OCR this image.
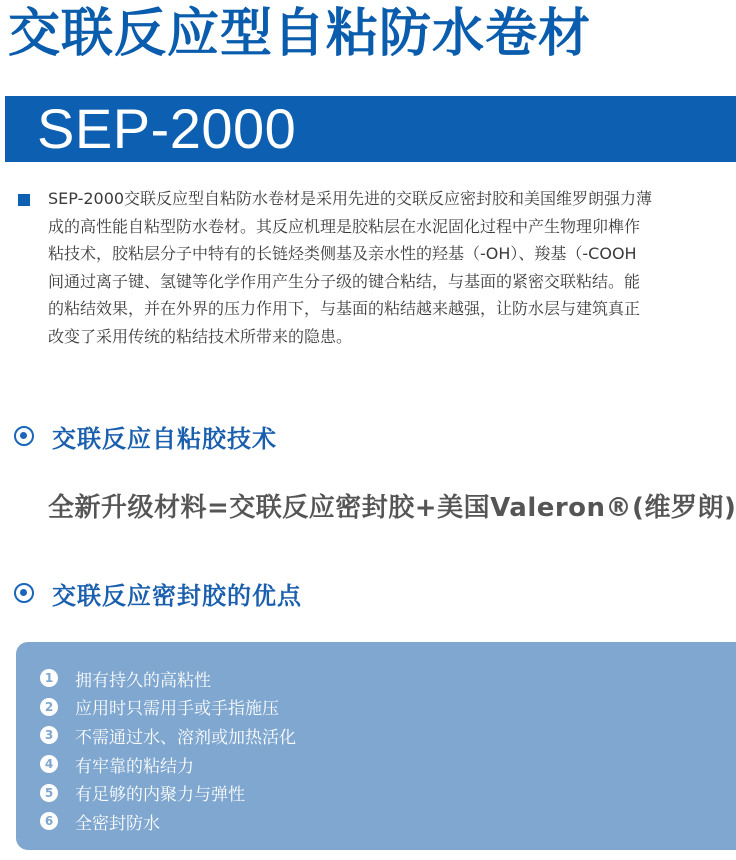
交联反应型自粘防水卷材
SEP-2000
SEP-2000交联反应型自粘防水卷材是采用先进的交联反应密封胶和美国维罗朗强力薄
成的高性能自粘型防水卷材。其反应机理是胶粘层在水泥固化过程中产生物理卯榫作
粘技术，胶粘层分子中特有的长链烃类侧基及亲水性的羟基（-OH）、羧基（-COOH
间通过离子键、氢键等化学作用产生分子级的键合粘结，与基面的紧密交联粘结。能
的粘结效果，并在外界的压力作用下，与基面的粘结越来越强，让防水层与建筑真正
改变了采用传统的粘结技术所带来的隐患。
交联反应自粘胶技术
全新升级材料=交联反应密封胶+美国Valeron®(维罗朗)
交联反应密封胶的优点
1 拥有持久的高粘性
2 应用时只需用手或手指施压
3 不需通过水、溶剂或加热活化
4 有牢靠的粘结力
5 有足够的内聚力与弹性
6 全密封防水
